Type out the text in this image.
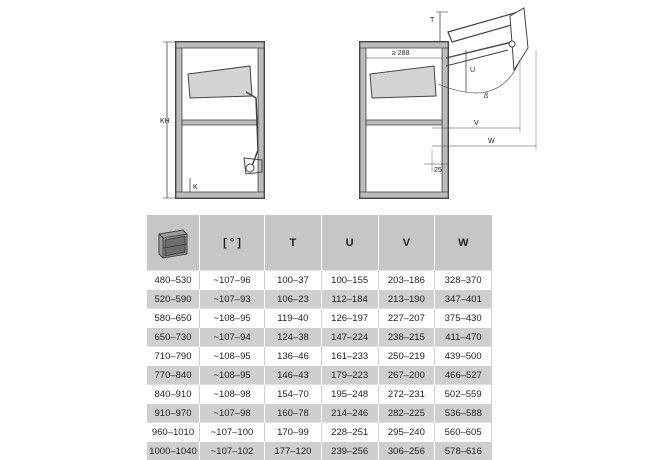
KH
K
T
≥ 288
U
ß
V
W
25
	[ ° ]	T	U	V	W
480–530	~107–96	100–37	100–155	203–186	328–370
520–590	~107–93	106–23	112–184	213–190	347–401
580–650	~108–95	119–40	126–197	227–207	375–430
650–730	~107–94	124–38	147–224	238–215	411–470
710–790	~108–95	136–46	161–233	250–219	439–500
770–840	~108–95	146–43	179–223	267–200	466–527
840–910	~108–98	154–70	195–248	272–231	502–559
910–970	~107–98	160–78	214–246	282–225	536–588
960–1010	~107–100	170–99	228–251	295–240	560–605
1000–1040	~107–102	177–120	239–256	306–256	578–616
